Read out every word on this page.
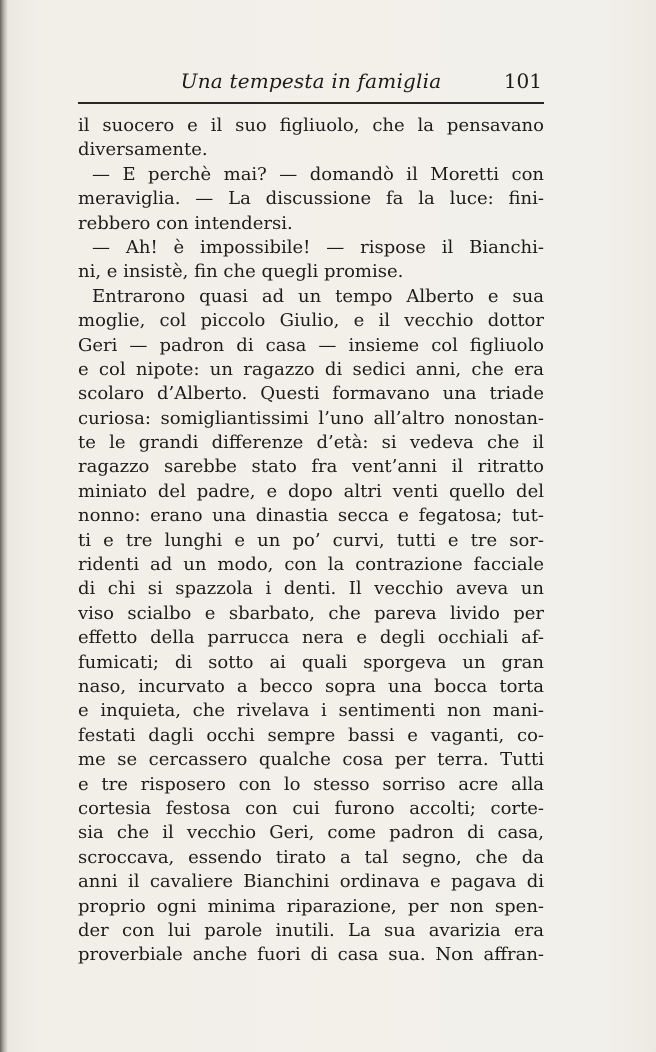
Una tempesta in famiglia	101
il suocero e il suo figliuolo, che la pensavano
diversamente.
— E perchè mai? — domandò il Moretti con
meraviglia. — La discussione fa la luce: fini-
rebbero con intendersi.
— Ah! è impossibile! — rispose il Bianchi-
ni, e insistè, fin che quegli promise.
Entrarono quasi ad un tempo Alberto e sua
moglie, col piccolo Giulio, e il vecchio dottor
Geri — padron di casa — insieme col figliuolo
e col nipote: un ragazzo di sedici anni, che era
scolaro d’Alberto. Questi formavano una triade
curiosa: somigliantissimi l’uno all’altro nonostan-
te le grandi differenze d’età: si vedeva che il
ragazzo sarebbe stato fra vent’anni il ritratto
miniato del padre, e dopo altri venti quello del
nonno: erano una dinastia secca e fegatosa; tut-
ti e tre lunghi e un po’ curvi, tutti e tre sor-
ridenti ad un modo, con la contrazione facciale
di chi si spazzola i denti. Il vecchio aveva un
viso scialbo e sbarbato, che pareva livido per
effetto della parrucca nera e degli occhiali af-
fumicati; di sotto ai quali sporgeva un gran
naso, incurvato a becco sopra una bocca torta
e inquieta, che rivelava i sentimenti non mani-
festati dagli occhi sempre bassi e vaganti, co-
me se cercassero qualche cosa per terra. Tutti
e tre risposero con lo stesso sorriso acre alla
cortesia festosa con cui furono accolti; corte-
sia che il vecchio Geri, come padron di casa,
scroccava, essendo tirato a tal segno, che da
anni il cavaliere Bianchini ordinava e pagava di
proprio ogni minima riparazione, per non spen-
der con lui parole inutili. La sua avarizia era
proverbiale anche fuori di casa sua. Non affran-
